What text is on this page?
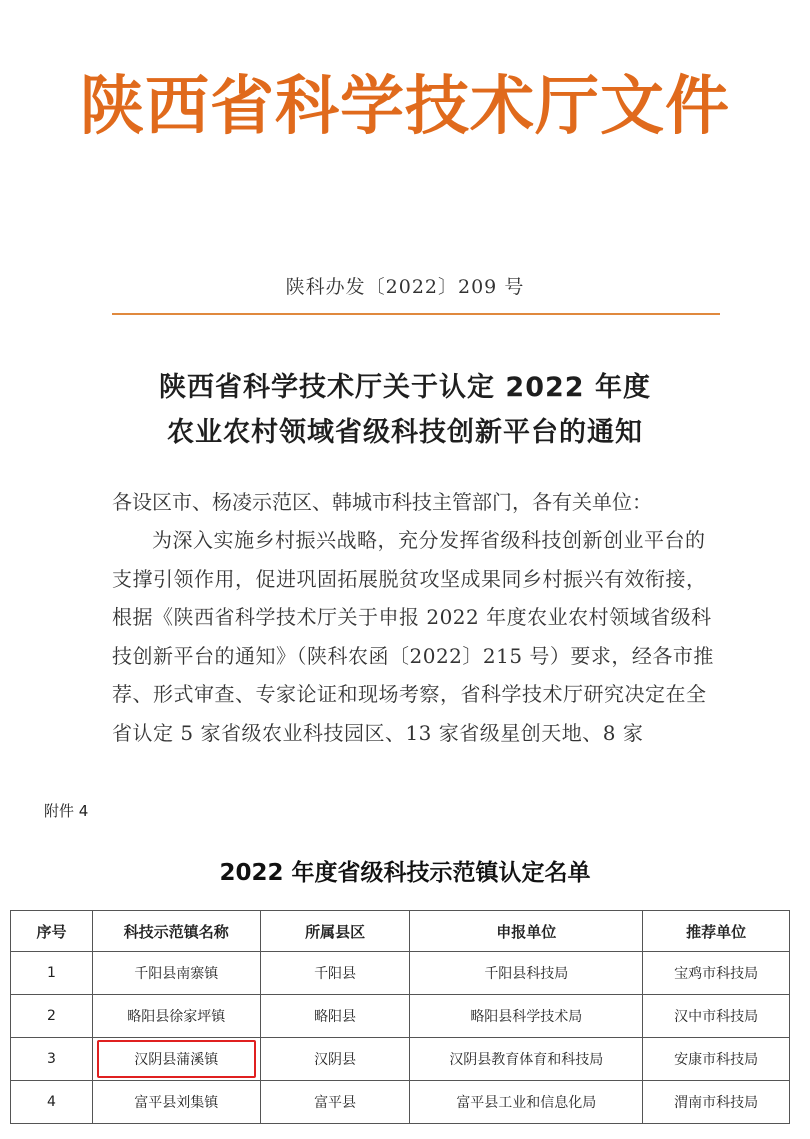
陕西省科学技术厅文件
陕科办发〔2022〕209 号
陕西省科学技术厅关于认定 2022 年度
农业农村领域省级科技创新平台的通知
各设区市、杨凌示范区、韩城市科技主管部门，各有关单位：
为深入实施乡村振兴战略，充分发挥省级科技创新创业平台的支撑引领作用，促进巩固拓展脱贫攻坚成果同乡村振兴有效衔接，根据《陕西省科学技术厅关于申报 2022 年度农业农村领域省级科技创新平台的通知》（陕科农函〔2022〕215 号）要求，经各市推荐、形式审查、专家论证和现场考察，省科学技术厅研究决定在全省认定 5 家省级农业科技园区、13 家省级星创天地、8 家
附件 4
2022 年度省级科技示范镇认定名单
序号	科技示范镇名称	所属县区	申报单位	推荐单位
1	千阳县南寨镇	千阳县	千阳县科技局	宝鸡市科技局
2	略阳县徐家坪镇	略阳县	略阳县科学技术局	汉中市科技局
3	汉阴县蒲溪镇	汉阴县	汉阴县教育体育和科技局	安康市科技局
4	富平县刘集镇	富平县	富平县工业和信息化局	渭南市科技局
